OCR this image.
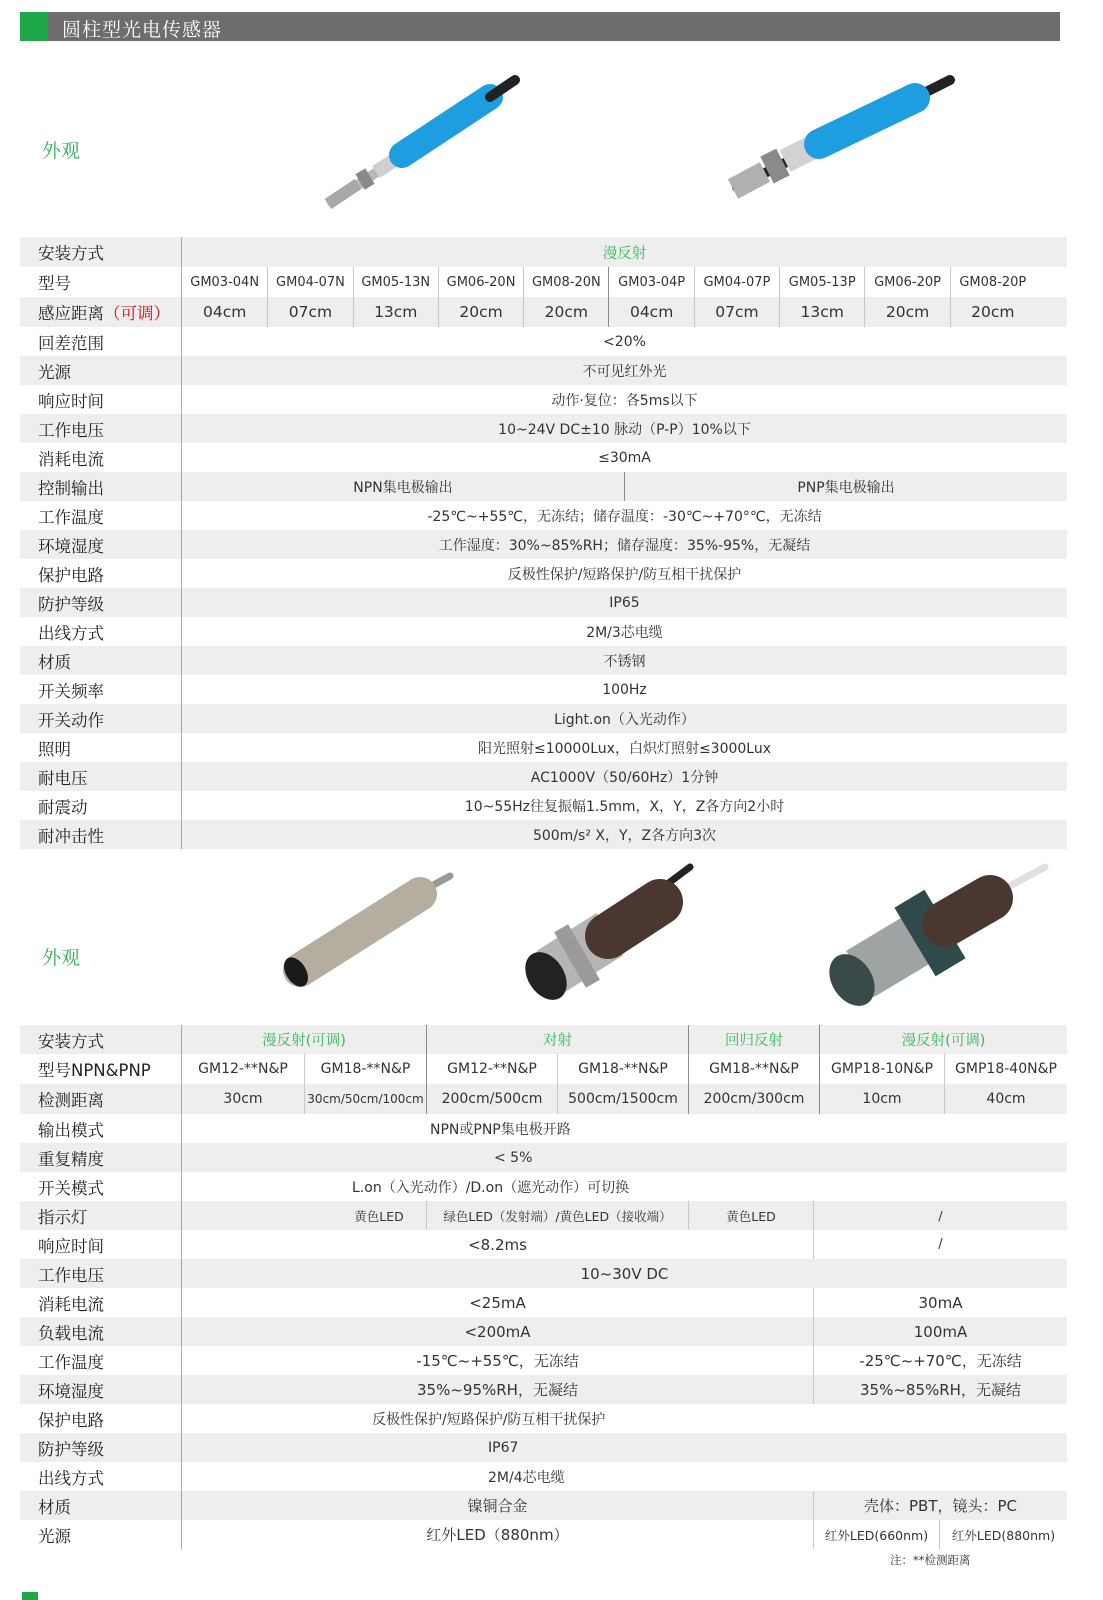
圆柱型光电传感器
外观
安装方式	漫反射
型号	GM03-04N	GM04-07N	GM05-13N	GM06-20N	GM08-20N	GM03-04P	GM04-07P	GM05-13P	GM06-20P	GM08-20P
感应距离 （可调）	04cm	07cm	13cm	20cm	20cm	04cm	07cm	13cm	20cm	20cm
回差范围	<20%
光源	不可见红外光
响应时间	动作·复位：各5ms以下
工作电压	10~24V DC±10 脉动（P-P）10%以下
消耗电流	≤30mA
控制输出	NPN集电极输出	PNP集电极输出
工作温度	-25℃~+55℃，无冻结；储存温度：-30℃~+70°℃，无冻结
环境湿度	工作湿度：30%~85%RH；储存湿度：35%-95%，无凝结
保护电路	反极性保护/短路保护/防互相干扰保护
防护等级	IP65
出线方式	2M/3芯电缆
材质	不锈钢
开关频率	100Hz
开关动作	Light.on（入光动作）
照明	阳光照射≤10000Lux，白炽灯照射≤3000Lux
耐电压	AC1000V（50/60Hz）1分钟
耐震动	10~55Hz往复振幅1.5mm，X，Y，Z各方向2小时
耐冲击性	500m/s² X，Y，Z各方向3次
外观
安装方式	漫反射(可调)	对射	回归反射	漫反射(可调)
型号NPN&PNP	GM12-**N&P	GM18-**N&P	GM12-**N&P	GM18-**N&P	GM18-**N&P	GMP18-10N&P	GMP18-40N&P
检测距离	30cm	30cm/50cm/100cm	200cm/500cm	500cm/1500cm	200cm/300cm	10cm	40cm
输出模式	NPN或PNP集电极开路
重复精度	< 5%
开关模式	L.on（入光动作）/D.on（遮光动作）可切换
指示灯	黄色LED	绿色LED（发射端）/黄色LED（接收端）	黄色LED	/
响应时间	<8.2ms	/
工作电压	10~30V DC
消耗电流	<25mA	30mA
负载电流	<200mA	100mA
工作温度	-15℃~+55℃，无冻结	-25℃~+70℃，无冻结
环境湿度	35%~95%RH，无凝结	35%~85%RH，无凝结
保护电路	反极性保护/短路保护/防互相干扰保护
防护等级	IP67
出线方式	2M/4芯电缆
材质	镍铜合金	壳体：PBT，镜头：PC
光源	红外LED（880nm）	红外LED(660nm)	红外LED(880nm)
注：**检测距离
